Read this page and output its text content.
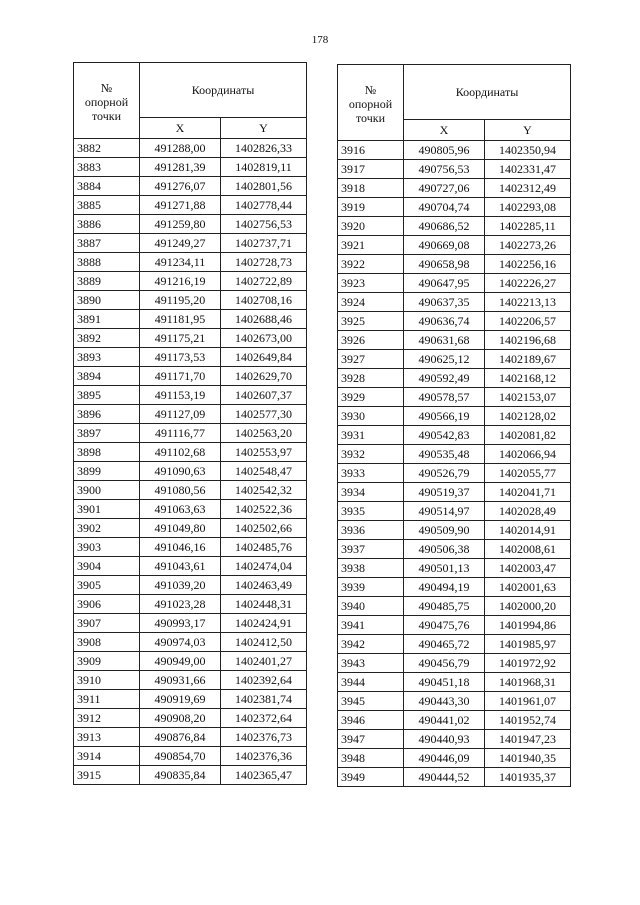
178
№
опорной
точки	Координаты	
	X	Y
3882	491288,00	1402826,33
3883	491281,39	1402819,11
3884	491276,07	1402801,56
3885	491271,88	1402778,44
3886	491259,80	1402756,53
3887	491249,27	1402737,71
3888	491234,11	1402728,73
3889	491216,19	1402722,89
3890	491195,20	1402708,16
3891	491181,95	1402688,46
3892	491175,21	1402673,00
3893	491173,53	1402649,84
3894	491171,70	1402629,70
3895	491153,19	1402607,37
3896	491127,09	1402577,30
3897	491116,77	1402563,20
3898	491102,68	1402553,97
3899	491090,63	1402548,47
3900	491080,56	1402542,32
3901	491063,63	1402522,36
3902	491049,80	1402502,66
3903	491046,16	1402485,76
3904	491043,61	1402474,04
3905	491039,20	1402463,49
3906	491023,28	1402448,31
3907	490993,17	1402424,91
3908	490974,03	1402412,50
3909	490949,00	1402401,27
3910	490931,66	1402392,64
3911	490919,69	1402381,74
3912	490908,20	1402372,64
3913	490876,84	1402376,73
3914	490854,70	1402376,36
3915	490835,84	1402365,47
№
опорной
точки	Координаты	
	X	Y
3916	490805,96	1402350,94
3917	490756,53	1402331,47
3918	490727,06	1402312,49
3919	490704,74	1402293,08
3920	490686,52	1402285,11
3921	490669,08	1402273,26
3922	490658,98	1402256,16
3923	490647,95	1402226,27
3924	490637,35	1402213,13
3925	490636,74	1402206,57
3926	490631,68	1402196,68
3927	490625,12	1402189,67
3928	490592,49	1402168,12
3929	490578,57	1402153,07
3930	490566,19	1402128,02
3931	490542,83	1402081,82
3932	490535,48	1402066,94
3933	490526,79	1402055,77
3934	490519,37	1402041,71
3935	490514,97	1402028,49
3936	490509,90	1402014,91
3937	490506,38	1402008,61
3938	490501,13	1402003,47
3939	490494,19	1402001,63
3940	490485,75	1402000,20
3941	490475,76	1401994,86
3942	490465,72	1401985,97
3943	490456,79	1401972,92
3944	490451,18	1401968,31
3945	490443,30	1401961,07
3946	490441,02	1401952,74
3947	490440,93	1401947,23
3948	490446,09	1401940,35
3949	490444,52	1401935,37
